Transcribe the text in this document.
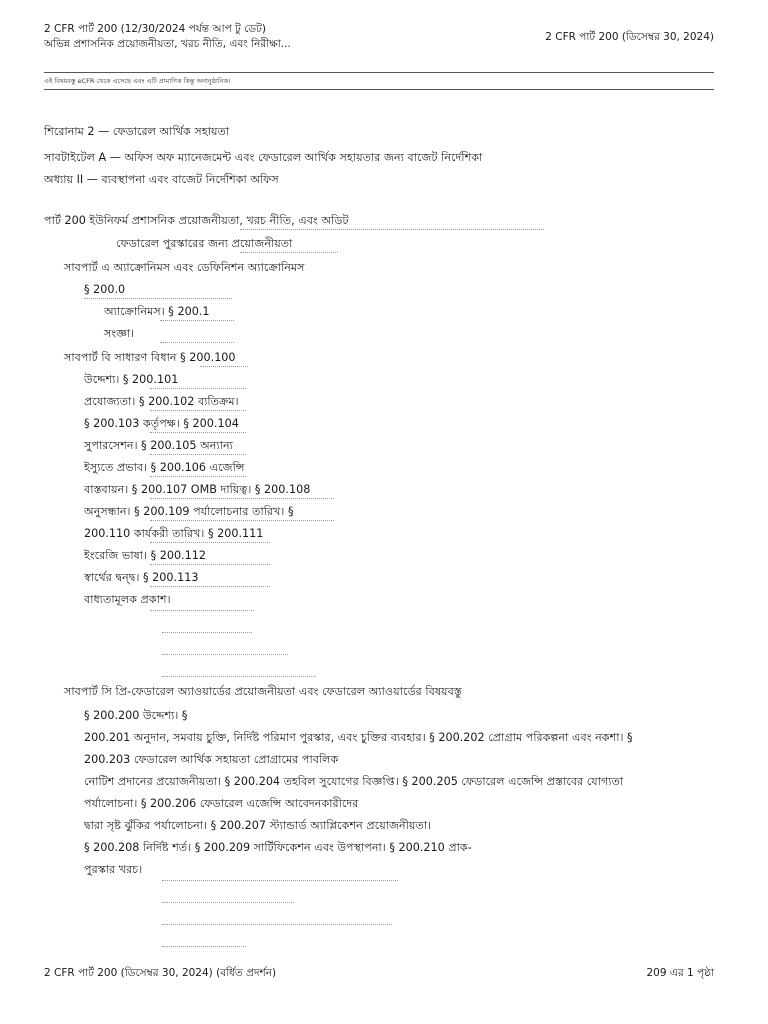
2 CFR পার্ট 200 (12/30/2024 পর্যন্ত আপ টু ডেট)
অভিন্ন প্রশাসনিক প্রয়োজনীয়তা, খরচ নীতি, এবং নিরীক্ষা...
2 CFR পার্ট 200 (ডিসেম্বর 30, 2024)
এই বিষয়বস্তু eCFR থেকে এসেছে এবং এটি প্রামাণিক কিন্তু অনানুষ্ঠানিক।
শিরোনাম 2 — ফেডারেল আর্থিক সহায়তা
সাবটাইটেল A — অফিস অফ ম্যানেজমেন্ট এবং ফেডারেল আর্থিক সহায়তার জন্য বাজেট নির্দেশিকা
অধ্যায় II — ব্যবস্থাপনা এবং বাজেট নির্দেশিকা অফিস
পার্ট 200 ইউনিফর্ম প্রশাসনিক প্রয়োজনীয়তা, খরচ নীতি, এবং অডিট
ফেডারেল পুরস্কারের জন্য প্রয়োজনীয়তা
সাবপার্ট এ অ্যাক্রোনিমস এবং ডেফিনিশন অ্যাক্রোনিমস
§ 200.0
অ্যাক্রোনিমস। § 200.1
সংজ্ঞা।
সাবপার্ট বি সাধারণ বিধান § 200.100
উদ্দেশ্য। § 200.101
প্রযোজ্যতা। § 200.102 ব্যতিক্রম।
§ 200.103 কর্তৃপক্ষ। § 200.104
সুপারসেশন। § 200.105 অন্যান্য
ইস্যুতে প্রভাব। § 200.106 এজেন্সি
বাস্তবায়ন। § 200.107 OMB দায়িত্ব। § 200.108
অনুসন্ধান। § 200.109 পর্যালোচনার তারিখ। §
200.110 কার্যকরী তারিখ। § 200.111
ইংরেজি ভাষা। § 200.112
স্বার্থের দ্বন্দ্ব। § 200.113
বাধ্যতামূলক প্রকাশ।
সাবপার্ট সি প্রি-ফেডারেল অ্যাওয়ার্ডের প্রয়োজনীয়তা এবং ফেডারেল অ্যাওয়ার্ডের বিষয়বস্তু
§ 200.200 উদ্দেশ্য। §
200.201 অনুদান, সমবায় চুক্তি, নির্দিষ্ট পরিমাণ পুরস্কার, এবং চুক্তির ব্যবহার। § 200.202 প্রোগ্রাম পরিকল্পনা এবং নকশা। §
200.203 ফেডারেল আর্থিক সহায়তা প্রোগ্রামের পাবলিক
নোটিশ প্রদানের প্রয়োজনীয়তা। § 200.204 তহবিল সুযোগের বিজ্ঞপ্তি। § 200.205 ফেডারেল এজেন্সি প্রস্তাবের যোগ্যতা
পর্যালোচনা। § 200.206 ফেডারেল এজেন্সি আবেদনকারীদের
দ্বারা সৃষ্ট ঝুঁকির পর্যালোচনা। § 200.207 স্ট্যান্ডার্ড অ্যাপ্লিকেশন প্রয়োজনীয়তা।
§ 200.208 নির্দিষ্ট শর্ত। § 200.209 সার্টিফিকেশন এবং উপস্থাপনা। § 200.210 প্রাক-
পুরস্কার খরচ।
2 CFR পার্ট 200 (ডিসেম্বর 30, 2024) (বর্ধিত প্রদর্শন)	209 এর 1 পৃষ্ঠা
